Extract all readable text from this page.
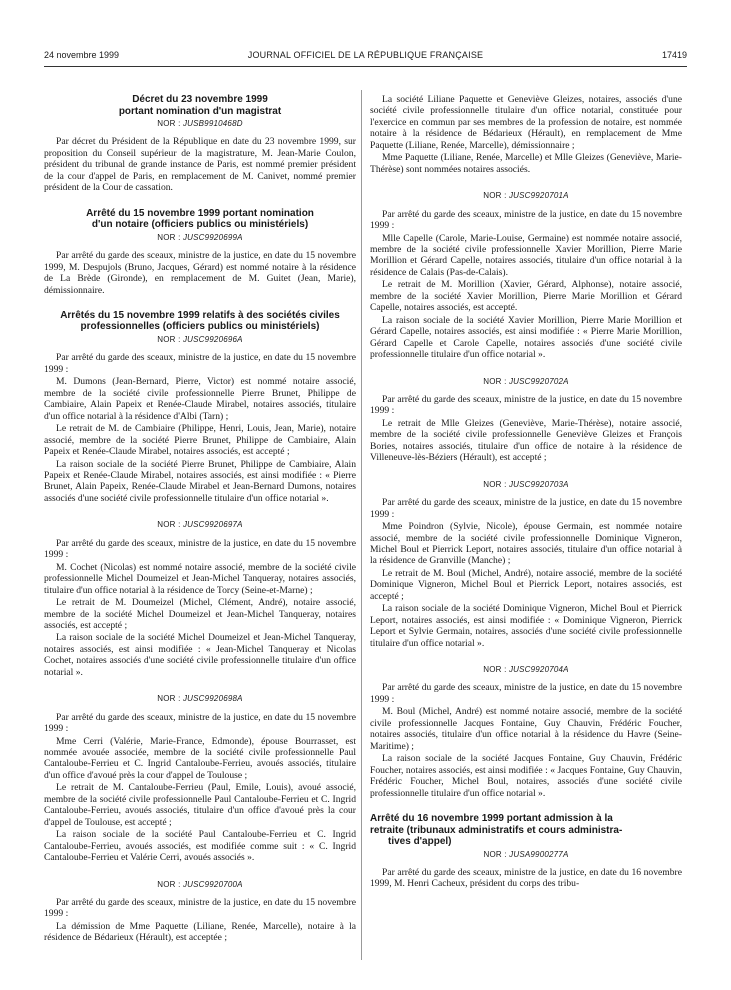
24 novembre 1999	JOURNAL OFFICIEL DE LA RÉPUBLIQUE FRANÇAISE	17419
Décret du 23 novembre 1999
portant nomination d'un magistrat
NOR : JUSB9910468D

Par décret du Président de la République en date du 23 novembre 1999, sur proposition du Conseil supérieur de la magistrature, M. Jean-Marie Coulon, président du tribunal de grande instance de Paris, est nommé premier président de la cour d'appel de Paris, en remplacement de M. Canivet, nommé premier président de la Cour de cassation.

Arrêté du 15 novembre 1999 portant nomination
d'un notaire (officiers publics ou ministériels)
NOR : JUSC9920699A

Par arrêté du garde des sceaux, ministre de la justice, en date du 15 novembre 1999, M. Despujols (Bruno, Jacques, Gérard) est nommé notaire à la résidence de La Brède (Gironde), en remplacement de M. Guitet (Jean, Marie), démissionnaire.

Arrêtés du 15 novembre 1999 relatifs à des sociétés civiles
professionnelles (officiers publics ou ministériels)
NOR : JUSC9920696A

Par arrêté du garde des sceaux, ministre de la justice, en date du 15 novembre 1999 :

M. Dumons (Jean-Bernard, Pierre, Victor) est nommé notaire associé, membre de la société civile professionnelle Pierre Brunet, Philippe de Cambiaire, Alain Papeix et Renée-Claude Mirabel, notaires associés, titulaire d'un office notarial à la résidence d'Albi (Tarn) ;

Le retrait de M. de Cambiaire (Philippe, Henri, Louis, Jean, Marie), notaire associé, membre de la société Pierre Brunet, Philippe de Cambiaire, Alain Papeix et Renée-Claude Mirabel, notaires associés, est accepté ;

La raison sociale de la société Pierre Brunet, Philippe de Cambiaire, Alain Papeix et Renée-Claude Mirabel, notaires associés, est ainsi modifiée : « Pierre Brunet, Alain Papeix, Renée-Claude Mirabel et Jean-Bernard Dumons, notaires associés d'une société civile professionnelle titulaire d'un office notarial ».

NOR : JUSC9920697A

Par arrêté du garde des sceaux, ministre de la justice, en date du 15 novembre 1999 :

M. Cochet (Nicolas) est nommé notaire associé, membre de la société civile professionnelle Michel Doumeizel et Jean-Michel Tanqueray, notaires associés, titulaire d'un office notarial à la résidence de Torcy (Seine-et-Marne) ;

Le retrait de M. Doumeizel (Michel, Clément, André), notaire associé, membre de la société Michel Doumeizel et Jean-Michel Tanqueray, notaires associés, est accepté ;

La raison sociale de la société Michel Doumeizel et Jean-Michel Tanqueray, notaires associés, est ainsi modifiée : « Jean-Michel Tanqueray et Nicolas Cochet, notaires associés d'une société civile professionnelle titulaire d'un office notarial ».

NOR : JUSC9920698A

Par arrêté du garde des sceaux, ministre de la justice, en date du 15 novembre 1999 :

Mme Cerri (Valérie, Marie-France, Edmonde), épouse Bourrasset, est nommée avouée associée, membre de la société civile professionnelle Paul Cantaloube-Ferrieu et C. Ingrid Cantaloube-Ferrieu, avoués associés, titulaire d'un office d'avoué près la cour d'appel de Toulouse ;

Le retrait de M. Cantaloube-Ferrieu (Paul, Emile, Louis), avoué associé, membre de la société civile professionnelle Paul Cantaloube-Ferrieu et C. Ingrid Cantaloube-Ferrieu, avoués associés, titulaire d'un office d'avoué près la cour d'appel de Toulouse, est accepté ;

La raison sociale de la société Paul Cantaloube-Ferrieu et C. Ingrid Cantaloube-Ferrieu, avoués associés, est modifiée comme suit : « C. Ingrid Cantaloube-Ferrieu et Valérie Cerri, avoués associés ».

NOR : JUSC9920700A

Par arrêté du garde des sceaux, ministre de la justice, en date du 15 novembre 1999 :

La démission de Mme Paquette (Liliane, Renée, Marcelle), notaire à la résidence de Bédarieux (Hérault), est acceptée ;

La société Liliane Paquette et Geneviève Gleizes, notaires, associés d'une société civile professionnelle titulaire d'un office notarial, constituée pour l'exercice en commun par ses membres de la profession de notaire, est nommée notaire à la résidence de Bédarieux (Hérault), en remplacement de Mme Paquette (Liliane, Renée, Marcelle), démissionnaire ;

Mme Paquette (Liliane, Renée, Marcelle) et Mlle Gleizes (Geneviève, Marie-Thérèse) sont nommées notaires associés.

NOR : JUSC9920701A

Par arrêté du garde des sceaux, ministre de la justice, en date du 15 novembre 1999 :

Mlle Capelle (Carole, Marie-Louise, Germaine) est nommée notaire associé, membre de la société civile professionnelle Xavier Morillion, Pierre Marie Morillion et Gérard Capelle, notaires associés, titulaire d'un office notarial à la résidence de Calais (Pas-de-Calais).

Le retrait de M. Morillion (Xavier, Gérard, Alphonse), notaire associé, membre de la société Xavier Morillion, Pierre Marie Morillion et Gérard Capelle, notaires associés, est accepté.

La raison sociale de la société Xavier Morillion, Pierre Marie Morillion et Gérard Capelle, notaires associés, est ainsi modifiée : « Pierre Marie Morillion, Gérard Capelle et Carole Capelle, notaires associés d'une société civile professionnelle titulaire d'un office notarial ».

NOR : JUSC9920702A

Par arrêté du garde des sceaux, ministre de la justice, en date du 15 novembre 1999 :

Le retrait de Mlle Gleizes (Geneviève, Marie-Thérèse), notaire associé, membre de la société civile professionnelle Geneviève Gleizes et François Bories, notaires associés, titulaire d'un office de notaire à la résidence de Villeneuve-lès-Béziers (Hérault), est accepté ;

NOR : JUSC9920703A

Par arrêté du garde des sceaux, ministre de la justice, en date du 15 novembre 1999 :

Mme Poindron (Sylvie, Nicole), épouse Germain, est nommée notaire associé, membre de la société civile professionnelle Dominique Vigneron, Michel Boul et Pierrick Leport, notaires associés, titulaire d'un office notarial à la résidence de Granville (Manche) ;

Le retrait de M. Boul (Michel, André), notaire associé, membre de la société Dominique Vigneron, Michel Boul et Pierrick Leport, notaires associés, est accepté ;

La raison sociale de la société Dominique Vigneron, Michel Boul et Pierrick Leport, notaires associés, est ainsi modifiée : « Dominique Vigneron, Pierrick Leport et Sylvie Germain, notaires, associés d'une société civile professionnelle titulaire d'un office notarial ».

NOR : JUSC9920704A

Par arrêté du garde des sceaux, ministre de la justice, en date du 15 novembre 1999 :

M. Boul (Michel, André) est nommé notaire associé, membre de la société civile professionnelle Jacques Fontaine, Guy Chauvin, Frédéric Foucher, notaires associés, titulaire d'un office notarial à la résidence du Havre (Seine-Maritime) ;

La raison sociale de la société Jacques Fontaine, Guy Chauvin, Frédéric Foucher, notaires associés, est ainsi modifiée : « Jacques Fontaine, Guy Chauvin, Frédéric Foucher, Michel Boul, notaires, associés d'une société civile professionnelle titulaire d'un office notarial ».

Arrêté du 16 novembre 1999 portant admission à la
retraite (tribunaux administratifs et cours administra-
tives d'appel)
NOR : JUSA9900277A

Par arrêté du garde des sceaux, ministre de la justice, en date du 16 novembre 1999, M. Henri Cacheux, président du corps des tribu-
